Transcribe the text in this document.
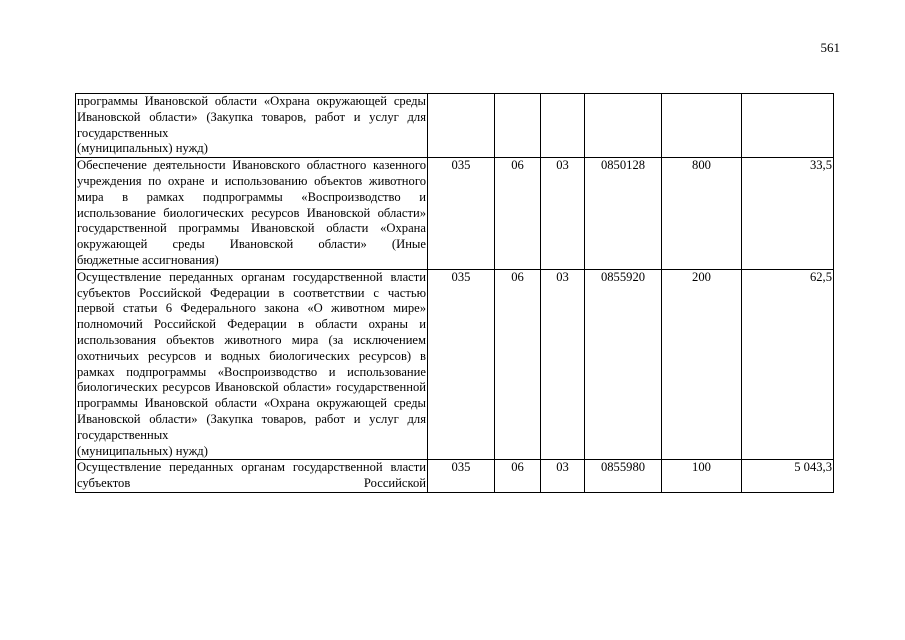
561
программы Ивановской области «Охрана окружающей среды Ивановской области» (Закупка товаров, работ и услуг для государственных
(муниципальных) нужд)						

Обеспечение деятельности Ивановского областного казенного учреждения по охране и использованию объектов животного мира в рамках подпрограммы «Воспроизводство и использование биологических ресурсов Ивановской области» государственной программы Ивановской области «Охрана окружающей среды Ивановской области» (Иные
бюджетные ассигнования)	035	06	03	0850128	800	33,5
Осуществление переданных органам государственной власти субъектов Российской Федерации в соответствии с частью первой статьи 6 Федерального закона «О животном мире» полномочий Российской Федерации в области охраны и использования объектов животного мира (за исключением охотничьих ресурсов и водных биологических ресурсов) в рамках подпрограммы «Воспроизводство и использование биологических ресурсов Ивановской области» государственной программы Ивановской области «Охрана окружающей среды Ивановской области» (Закупка товаров, работ и услуг для государственных
(муниципальных) нужд)	035	06	03	0855920	200	62,5
Осуществление переданных органам государственной власти субъектов Российской	035	06	03	0855980	100	5 043,3
